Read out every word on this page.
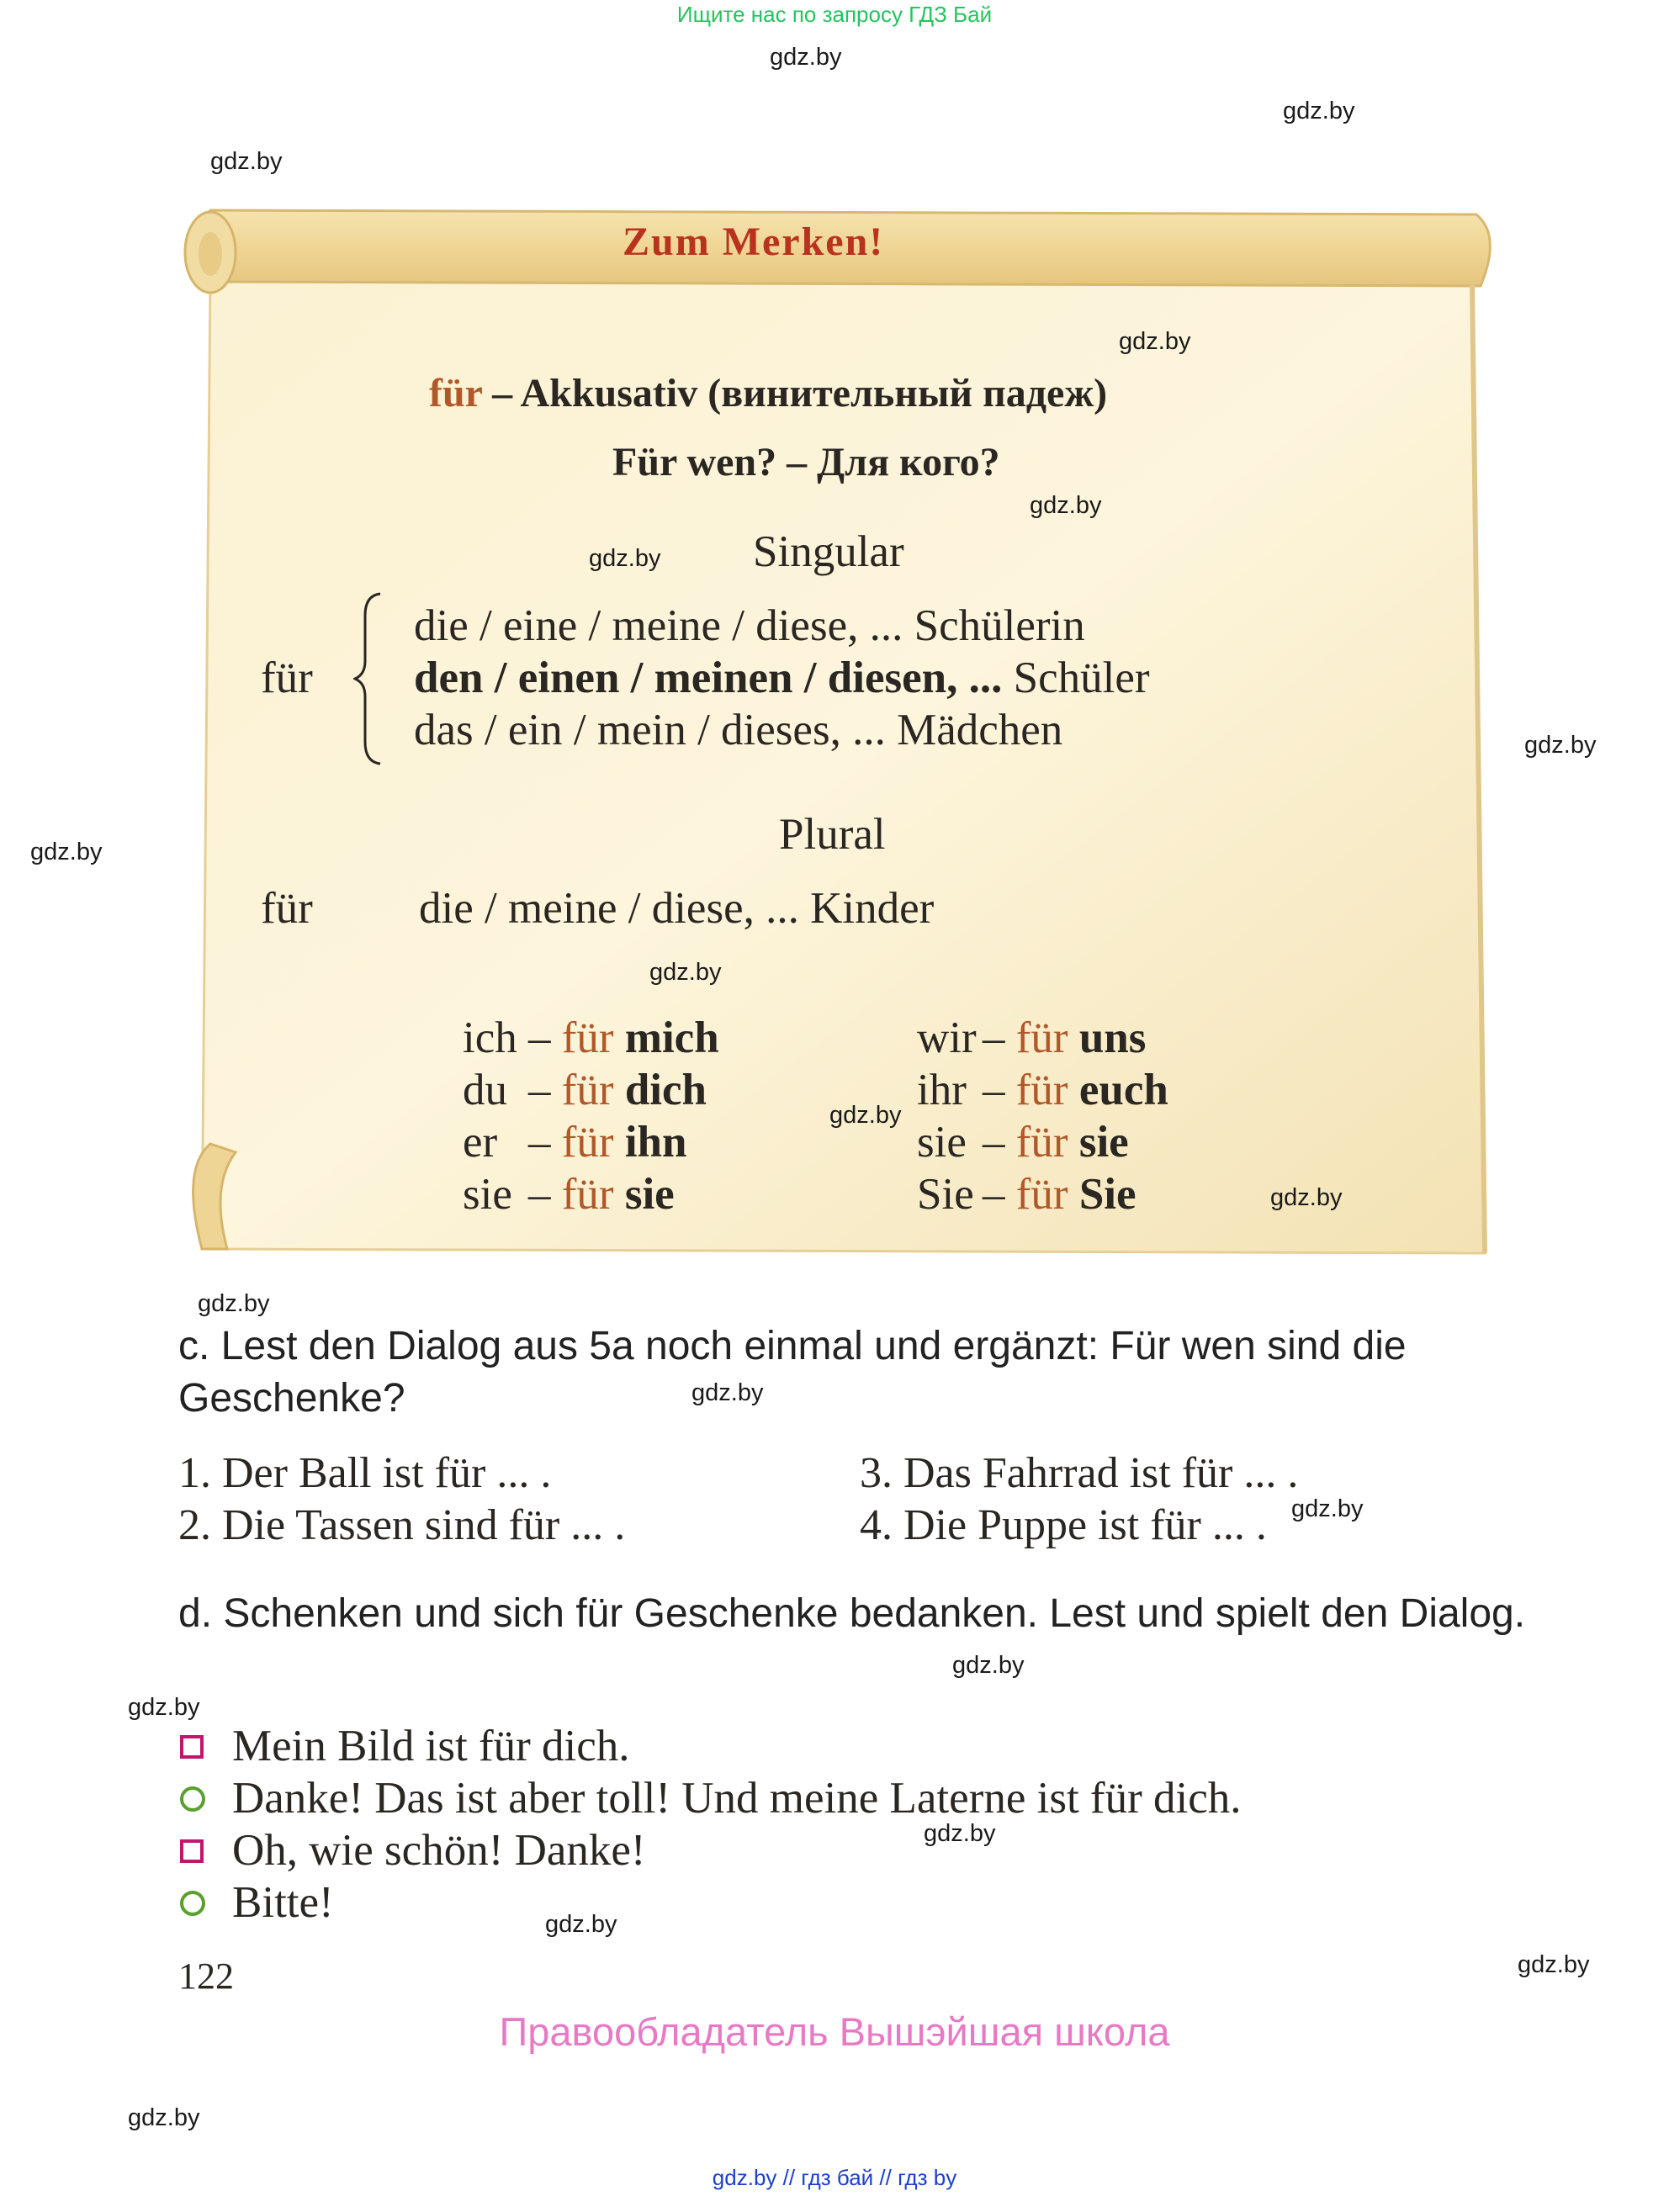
Ищите нас по запросу ГДЗ Бай
Zum Merken!
für – Akkusativ (винительный падеж)
Für wen? – Для кого?
Singular
für
die / eine / meine / diese, ... Schülerin
den / einen / meinen / diesen, ... Schüler
das / ein / mein / dieses, ... Mädchen
Plural
für die / meine / diese, ... Kinder
ich – für mich
du – für dich
er – für ihn
sie – für sie
wir – für uns
ihr – für euch
sie – für sie
Sie – für Sie
c. Lest den Dialog aus 5a noch einmal und ergänzt: Für wen sind die Geschenke?
1. Der Ball ist für ... .
2. Die Tassen sind für ... .
3. Das Fahrrad ist für ... .
4. Die Puppe ist für ... .
d. Schenken und sich für Geschenke bedanken. Lest und spielt den Dialog.
Mein Bild ist für dich.
Danke! Das ist aber toll! Und meine Laterne ist für dich.
Oh, wie schön! Danke!
Bitte!
122
Правообладатель Вышэйшая школа
gdz.by
gdz.by
gdz.by
gdz.by
gdz.by
gdz.by
gdz.by
gdz.by
gdz.by
gdz.by
gdz.by
gdz.by
gdz.by
gdz.by
gdz.by
gdz.by
gdz.by
gdz.by
gdz.by
gdz.by
gdz.by // гдз бай // гдз by
